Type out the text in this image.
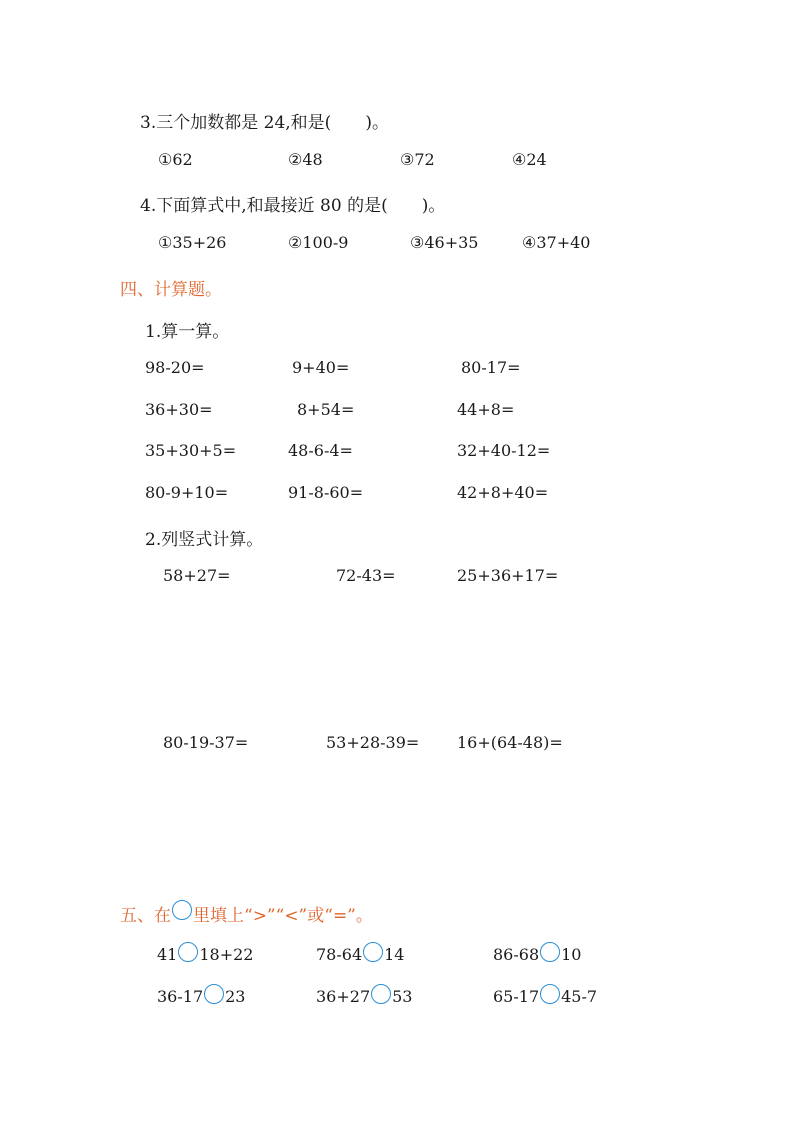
3.三个加数都是 24,和是( )。
①62	②48	③72	④24
4.下面算式中,和最接近 80 的是( )。
①35+26	②100-9	③46+35	④37+40
四、计算题。
1.算一算。
98-20=	9+40=	80-17=
36+30=	8+54=	44+8=
35+30+5=	48-6-4=	32+40-12=
80-9+10=	91-8-60=	42+8+40=
2.列竖式计算。
58+27=	72-43=	25+36+17=
80-19-37=	53+28-39= 16+(64-48)=
五、在 里填上“>”“<”或“=”。
41 18+22	78-64 14	86-68 10
36-17 23	36+27 53	65-17 45-7
